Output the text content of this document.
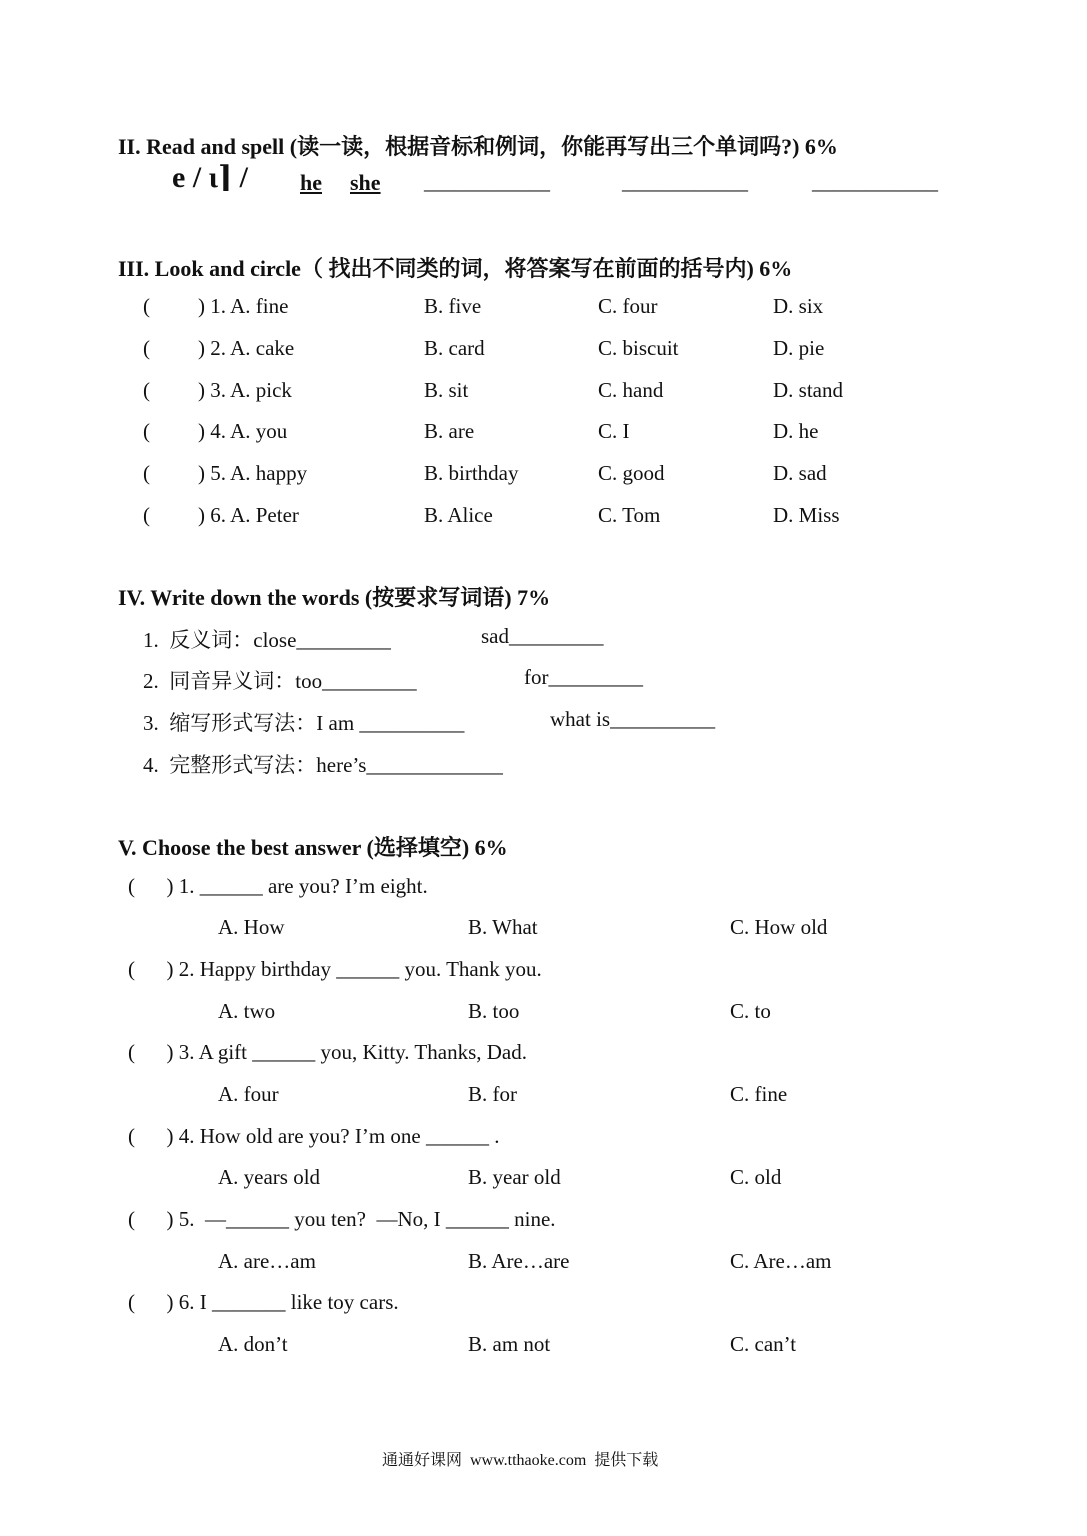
II. Read and spell (读一读，根据音标和例词，你能再写出三个单词吗?) 6%
e / ι⌉ / he she ____________	____________	____________
III. Look and circle（ 找出不同类的词，将答案写在前面的括号内) 6%
( ) 1. A. fine	B. five	C. four	D. six
( ) 2. A. cake	B. card	C. biscuit	D. pie
( ) 3. A. pick	B. sit	C. hand	D. stand
( ) 4. A. you	B. are	C. I	D. he
( ) 5. A. happy	B. birthday	C. good	D. sad
( ) 6. A. Peter	B. Alice	C. Tom	D. Miss
IV. Write down the words (按要求写词语) 7%
1.  反义词：close_________	sad_________
2.  同音异义词：too_________	for_________
3.  缩写形式写法：I am __________	what is__________
4.  完整形式写法：here’s_____________
V. Choose the best answer (选择填空) 6%
(      ) 1. ______ are you? I’m eight.
A. How	B. What	C. How old
(      ) 2. Happy birthday ______ you. Thank you.
A. two	B. too	C. to
(      ) 3. A gift ______ you, Kitty. Thanks, Dad.
A. four	B. for	C. fine
(      ) 4. How old are you? I’m one ______ .
A. years old	B. year old	C. old
(      ) 5.  —______ you ten?  —No, I ______ nine.
A. are…am	B. Are…are	C. Are…am
(      ) 6. I _______ like toy cars.
A. don’t	B. am not	C. can’t
通通好课网  www.tthaoke.com  提供下载
